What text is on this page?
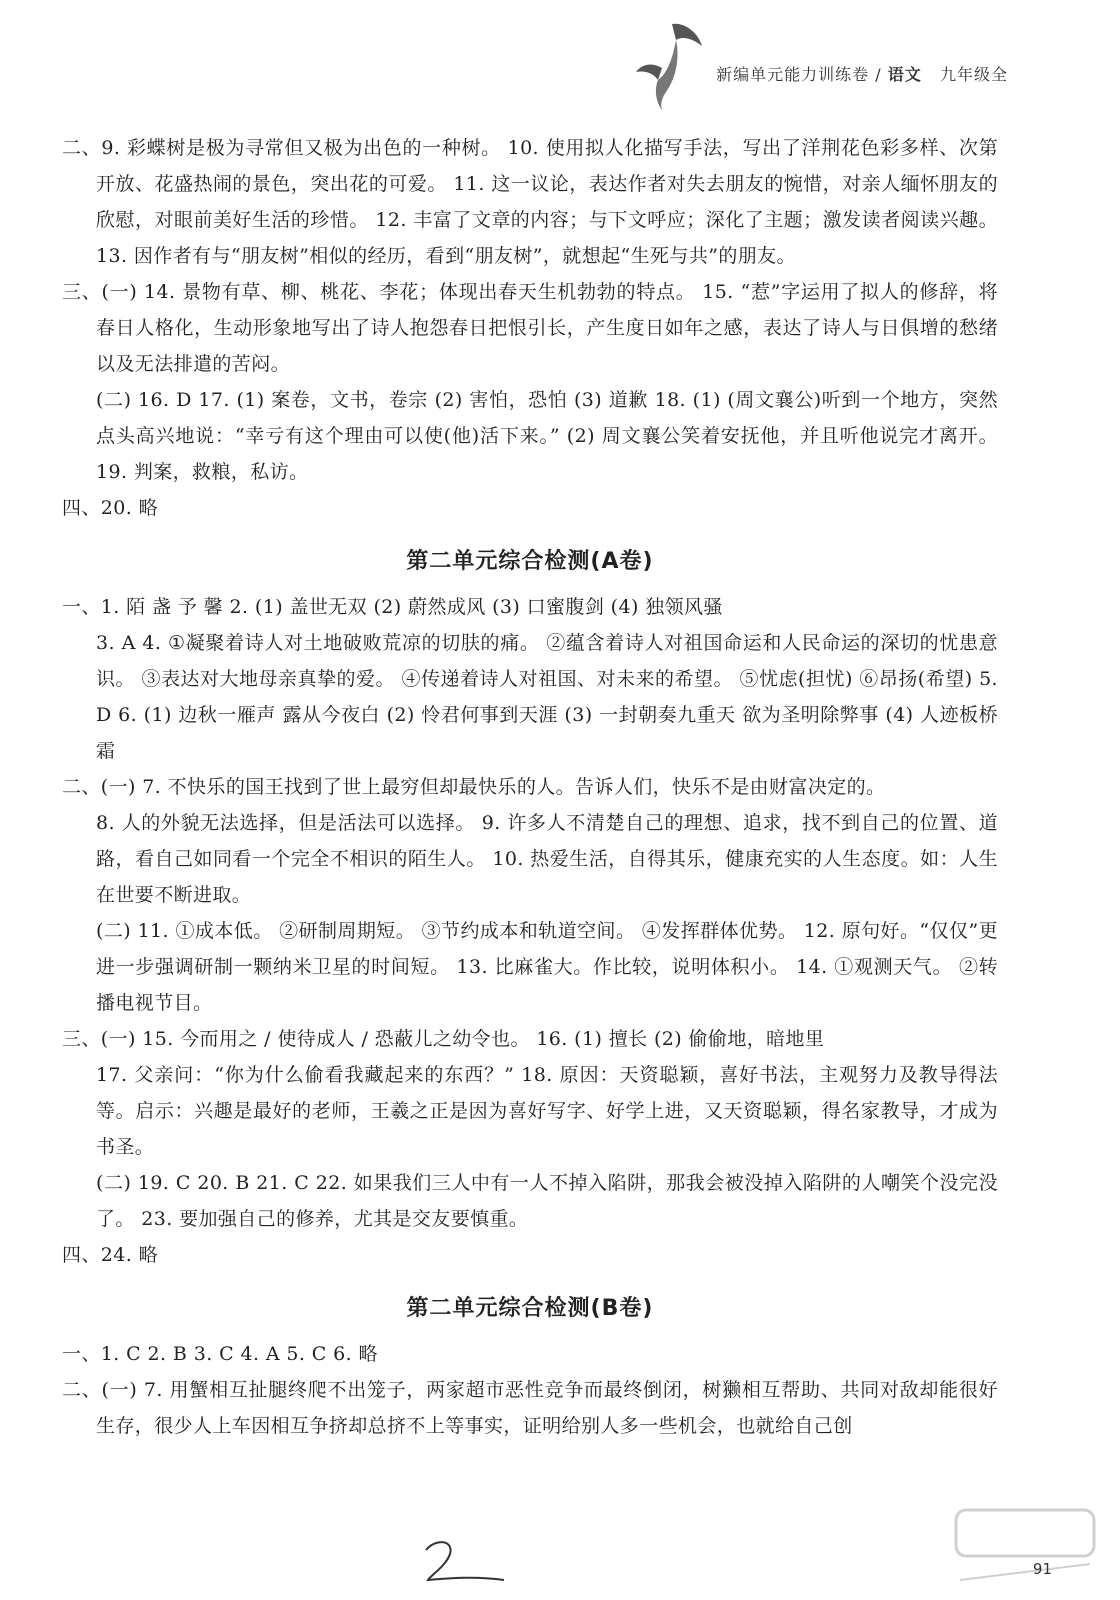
新编单元能力训练卷 / 语文 九年级全
二、9. 彩蝶树是极为寻常但又极为出色的一种树。 10. 使用拟人化描写手法，写出了洋荆花色彩多样、次第开放、花盛热闹的景色，突出花的可爱。 11. 这一议论，表达作者对失去朋友的惋惜，对亲人缅怀朋友的欣慰，对眼前美好生活的珍惜。 12. 丰富了文章的内容；与下文呼应；深化了主题；激发读者阅读兴趣。 13. 因作者有与“朋友树”相似的经历，看到“朋友树”，就想起“生死与共”的朋友。
三、(一) 14. 景物有草、柳、桃花、李花；体现出春天生机勃勃的特点。 15. “惹”字运用了拟人的修辞，将春日人格化，生动形象地写出了诗人抱怨春日把恨引长，产生度日如年之感，表达了诗人与日俱增的愁绪以及无法排遣的苦闷。
(二) 16. D 17. (1) 案卷，文书，卷宗 (2) 害怕，恐怕 (3) 道歉 18. (1) (周文襄公)听到一个地方，突然点头高兴地说：“幸亏有这个理由可以使(他)活下来。” (2) 周文襄公笑着安抚他，并且听他说完才离开。 19. 判案，救粮，私访。
四、20. 略
第二单元综合检测(A卷)
一、1. 陌 盏 予 馨 2. (1) 盖世无双 (2) 蔚然成风 (3) 口蜜腹剑 (4) 独领风骚
3. A 4. ①凝聚着诗人对土地破败荒凉的切肤的痛。 ②蕴含着诗人对祖国命运和人民命运的深切的忧患意识。 ③表达对大地母亲真挚的爱。 ④传递着诗人对祖国、对未来的希望。 ⑤忧虑(担忧) ⑥昂扬(希望) 5. D 6. (1) 边秋一雁声 露从今夜白 (2) 怜君何事到天涯 (3) 一封朝奏九重天 欲为圣明除弊事 (4) 人迹板桥霜
二、(一) 7. 不快乐的国王找到了世上最穷但却最快乐的人。告诉人们，快乐不是由财富决定的。
8. 人的外貌无法选择，但是活法可以选择。 9. 许多人不清楚自己的理想、追求，找不到自己的位置、道路，看自己如同看一个完全不相识的陌生人。 10. 热爱生活，自得其乐，健康充实的人生态度。如：人生在世要不断进取。
(二) 11. ①成本低。 ②研制周期短。 ③节约成本和轨道空间。 ④发挥群体优势。 12. 原句好。“仅仅”更进一步强调研制一颗纳米卫星的时间短。 13. 比麻雀大。作比较，说明体积小。 14. ①观测天气。 ②转播电视节目。
三、(一) 15. 今而用之 / 使待成人 / 恐蔽儿之幼令也。 16. (1) 擅长 (2) 偷偷地，暗地里
17. 父亲问：“你为什么偷看我藏起来的东西？” 18. 原因：天资聪颖，喜好书法，主观努力及教导得法等。启示：兴趣是最好的老师，王羲之正是因为喜好写字、好学上进，又天资聪颖，得名家教导，才成为书圣。
(二) 19. C 20. B 21. C 22. 如果我们三人中有一人不掉入陷阱，那我会被没掉入陷阱的人嘲笑个没完没了。 23. 要加强自己的修养，尤其是交友要慎重。
四、24. 略
第二单元综合检测(B卷)
一、1. C 2. B 3. C 4. A 5. C 6. 略
二、(一) 7. 用蟹相互扯腿终爬不出笼子，两家超市恶性竞争而最终倒闭，树獭相互帮助、共同对敌却能很好生存，很少人上车因相互争挤却总挤不上等事实，证明给别人多一些机会，也就给自己创
91
